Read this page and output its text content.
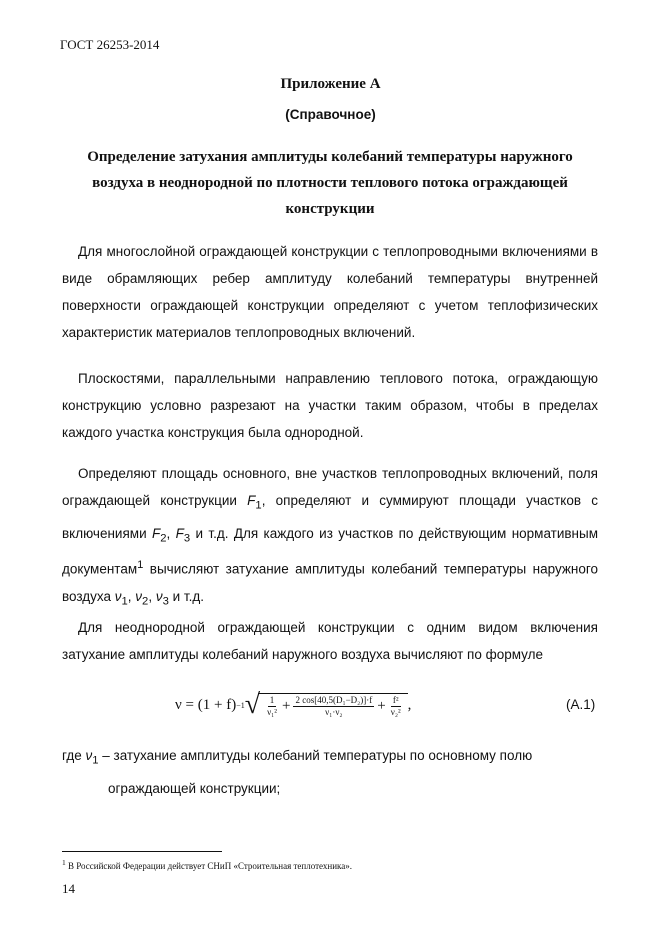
ГОСТ 26253-2014
Приложение А
(Справочное)
Определение затухания амплитуды колебаний температуры наружного воздуха в неоднородной по плотности теплового потока ограждающей конструкции
Для многослойной ограждающей конструкции с теплопроводными включениями в виде обрамляющих ребер амплитуду колебаний температуры внутренней поверхности ограждающей конструкции определяют с учетом теплофизических характеристик материалов теплопроводных включений.
Плоскостями, параллельными направлению теплового потока, ограждающую конструкцию условно разрезают на участки таким образом, чтобы в пределах каждого участка конструкция была однородной.
Определяют площадь основного, вне участков теплопроводных включений, поля ограждающей конструкции $F_1$, определяют и суммируют площади участков с включениями $F_2$, $F_3$ и т.д. Для каждого из участков по действующим нормативным документам$^1$ вычисляют затухание амплитуды колебаний температуры наружного воздуха $\nu_1$, $\nu_2$, $\nu_3$ и т.д.
Для неоднородной ограждающей конструкции с одним видом включения затухание амплитуды колебаний наружного воздуха вычисляют по формуле
ν = (1 + f) −1 √ $\frac{1}{\text{ν₁²}} + \frac{\text{2 cos[40,5(D₁−D₂)]·f}}{\text{ν₁·ν₂}} + \frac{\text{f²}}{\text{ν₂²}}$ ,	(А.1)
где $\nu_1$ – затухание амплитуды колебаний температуры по основному полю
ограждающей конструкции;
$^1$ В Российской Федерации действует СНиП «Строительная теплотехника».
14
